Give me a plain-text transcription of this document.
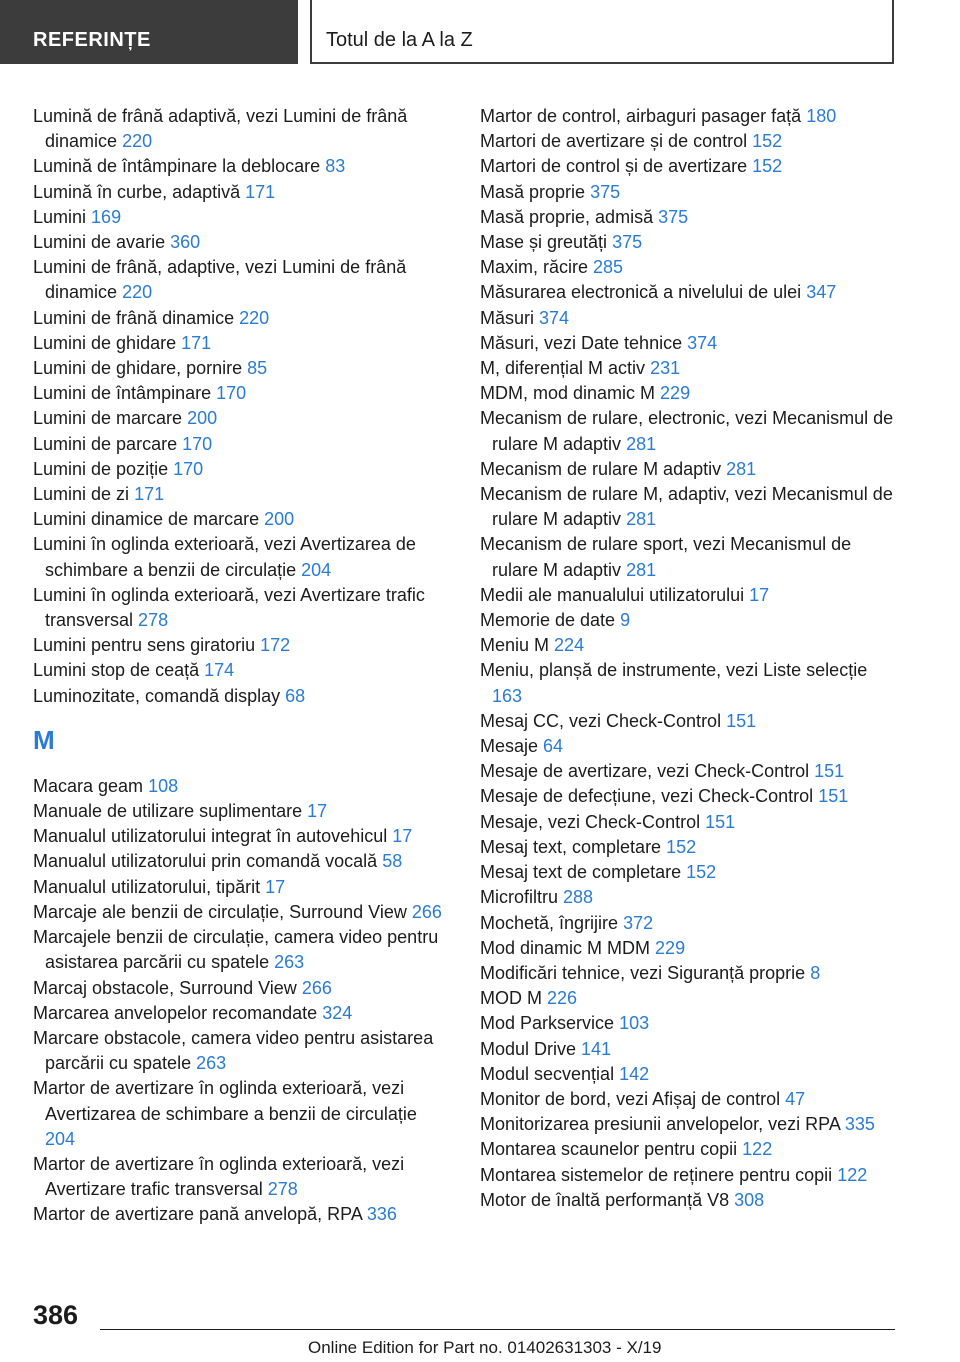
REFERINȚE	Totul de la A la Z
Lumină de frână adaptivă, vezi Lumini de frână dinamice 220
Lumină de întâmpinare la deblocare 83
Lumină în curbe, adaptivă 171
Lumini 169
Lumini de avarie 360
Lumini de frână, adaptive, vezi Lumini de frână dinamice 220
Lumini de frână dinamice 220
Lumini de ghidare 171
Lumini de ghidare, pornire 85
Lumini de întâmpinare 170
Lumini de marcare 200
Lumini de parcare 170
Lumini de poziție 170
Lumini de zi 171
Lumini dinamice de marcare 200
Lumini în oglinda exterioară, vezi Avertizarea de schimbare a benzii de circulație 204
Lumini în oglinda exterioară, vezi Avertizare trafic transversal 278
Lumini pentru sens giratoriu 172
Lumini stop de ceață 174
Luminozitate, comandă display 68
M
Macara geam 108
Manuale de utilizare suplimentare 17
Manualul utilizatorului integrat în autovehicul 17
Manualul utilizatorului prin comandă vocală 58
Manualul utilizatorului, tipărit 17
Marcaje ale benzii de circulație, Surround View 266
Marcajele benzii de circulație, camera video pentru asistarea parcării cu spatele 263
Marcaj obstacole, Surround View 266
Marcarea anvelopelor recomandate 324
Marcare obstacole, camera video pentru asistarea parcării cu spatele 263
Martor de avertizare în oglinda exterioară, vezi Avertizarea de schimbare a benzii de circulație 204
Martor de avertizare în oglinda exterioară, vezi Avertizare trafic transversal 278
Martor de avertizare pană anvelopă, RPA 336
Martor de control, airbaguri pasager față 180
Martori de avertizare și de control 152
Martori de control și de avertizare 152
Masă proprie 375
Masă proprie, admisă 375
Mase și greutăți 375
Maxim, răcire 285
Măsurarea electronică a nivelului de ulei 347
Măsuri 374
Măsuri, vezi Date tehnice 374
M, diferențial M activ 231
MDM, mod dinamic M 229
Mecanism de rulare, electronic, vezi Mecanismul de rulare M adaptiv 281
Mecanism de rulare M adaptiv 281
Mecanism de rulare M, adaptiv, vezi Mecanismul de rulare M adaptiv 281
Mecanism de rulare sport, vezi Mecanismul de rulare M adaptiv 281
Medii ale manualului utilizatorului 17
Memorie de date 9
Meniu M 224
Meniu, planșă de instrumente, vezi Liste selecție 163
Mesaj CC, vezi Check-Control 151
Mesaje 64
Mesaje de avertizare, vezi Check-Control 151
Mesaje de defecțiune, vezi Check-Control 151
Mesaje, vezi Check-Control 151
Mesaj text, completare 152
Mesaj text de completare 152
Microfiltru 288
Mochetă, îngrijire 372
Mod dinamic M MDM 229
Modificări tehnice, vezi Siguranță proprie 8
MOD M 226
Mod Parkservice 103
Modul Drive 141
Modul secvențial 142
Monitor de bord, vezi Afișaj de control 47
Monitorizarea presiunii anvelopelor, vezi RPA 335
Montarea scaunelor pentru copii 122
Montarea sistemelor de reținere pentru copii 122
Motor de înaltă performanță V8 308
386
Online Edition for Part no. 01402631303 - X/19
